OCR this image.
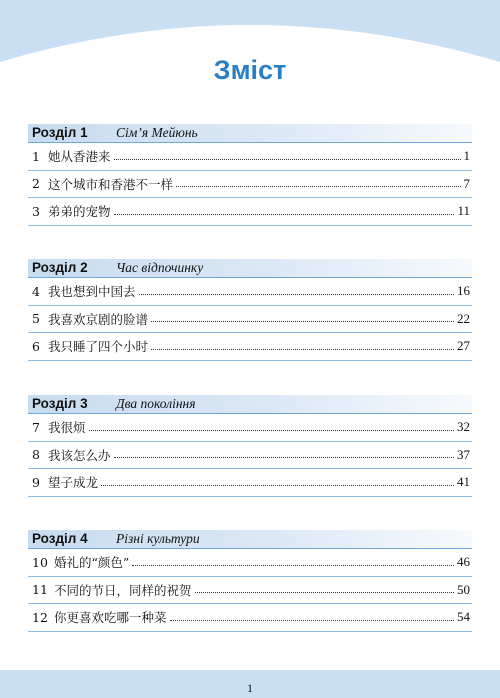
Зміст
Розділ 1 Сім’я Мейюнь
1 她从香港来	1
2 这个城市和香港不一样	7
3 弟弟的宠物	11
Розділ 2 Час відпочинку
4 我也想到中国去	16
5 我喜欢京剧的脸谱	22
6 我只睡了四个小时	27
Розділ 3 Два покоління
7 我很烦	32
8 我该怎么办	37
9 望子成龙	41
Розділ 4 Різні культури
10 婚礼的“颜色”	46
11 不同的节日，同样的祝贺	50
12 你更喜欢吃哪一种菜	54
1
